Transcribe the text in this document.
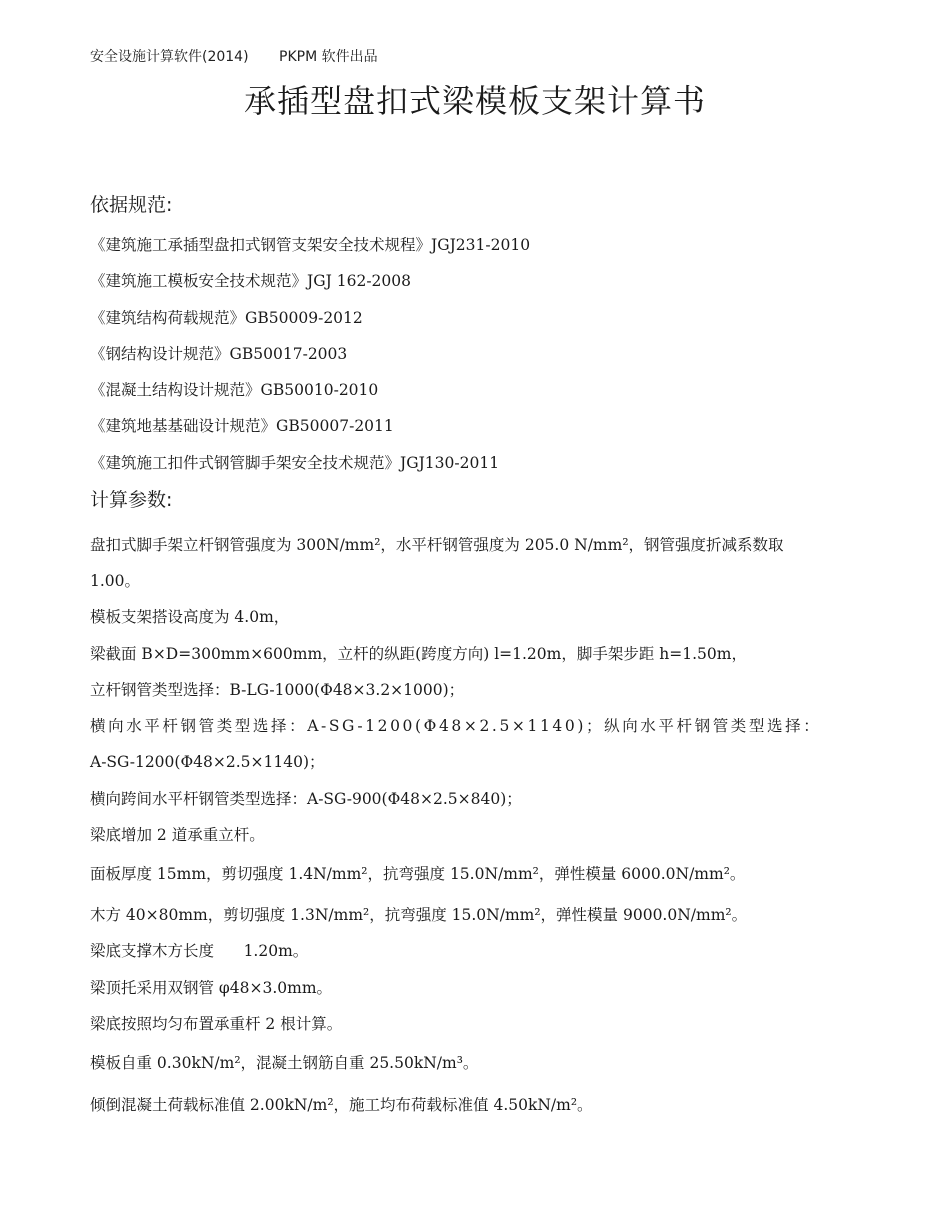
安全设施计算软件(2014) PKPM 软件出品
承插型盘扣式梁模板支架计算书
依据规范:

《建筑施工承插型盘扣式钢管支架安全技术规程》JGJ231-2010

《建筑施工模板安全技术规范》JGJ 162-2008

《建筑结构荷载规范》GB50009-2012

《钢结构设计规范》GB50017-2003

《混凝土结构设计规范》GB50010-2010

《建筑地基基础设计规范》GB50007-2011

《建筑施工扣件式钢管脚手架安全技术规范》JGJ130-2011

计算参数:

盘扣式脚手架立杆钢管强度为 300N/mm²，水平杆钢管强度为 205.0 N/mm²，钢管强度折减系数取

1.00。

模板支架搭设高度为 4.0m，

梁截面 B×D=300mm×600mm，立杆的纵距(跨度方向) l=1.20m，脚手架步距 h=1.50m，

立杆钢管类型选择：B-LG-1000(Φ48×3.2×1000)；

横向水平杆钢管类型选择：A-SG-1200(Φ48×2.5×1140)；纵向水平杆钢管类型选择：

A-SG-1200(Φ48×2.5×1140)；

横向跨间水平杆钢管类型选择：A-SG-900(Φ48×2.5×840)；

梁底增加 2 道承重立杆。

面板厚度 15mm，剪切强度 1.4N/mm²，抗弯强度 15.0N/mm²，弹性模量 6000.0N/mm²。

木方 40×80mm，剪切强度 1.3N/mm²，抗弯强度 15.0N/mm²，弹性模量 9000.0N/mm²。

梁底支撑木方长度      1.20m。

梁顶托采用双钢管 φ48×3.0mm。

梁底按照均匀布置承重杆 2 根计算。

模板自重 0.30kN/m²，混凝土钢筋自重 25.50kN/m³。

倾倒混凝土荷载标准值 2.00kN/m²，施工均布荷载标准值 4.50kN/m²。
